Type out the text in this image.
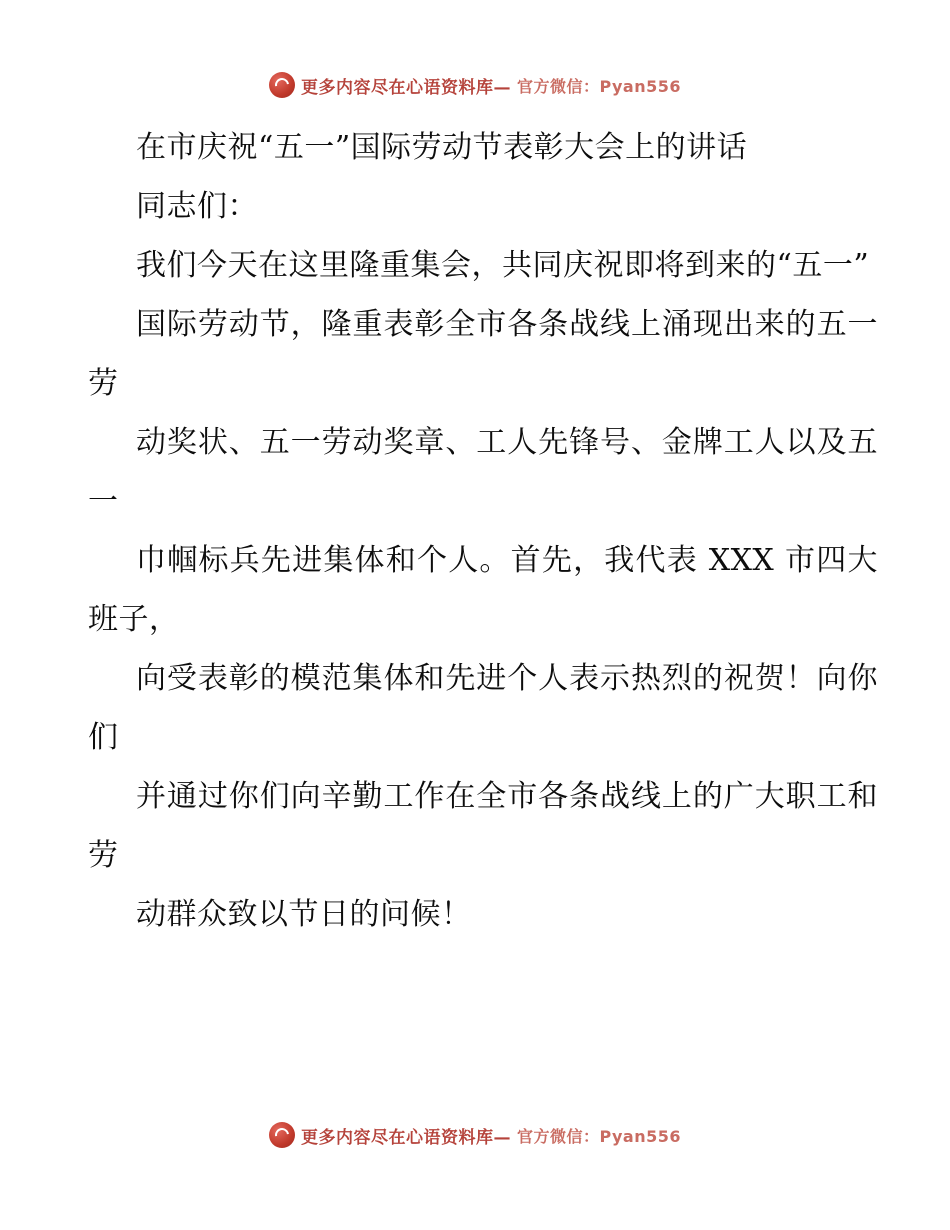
更多内容尽在心语资料库— 官方微信：Pyan556

在市庆祝“五一”国际劳动节表彰大会上的讲话

同志们：

我们今天在这里隆重集会，共同庆祝即将到来的“五一”

国际劳动节，隆重表彰全市各条战线上涌现出来的五一劳

动奖状、五一劳动奖章、工人先锋号、金牌工人以及五一

巾帼标兵先进集体和个人。首先，我代表 XXX 市四大班子，

向受表彰的模范集体和先进个人表示热烈的祝贺！向你们

并通过你们向辛勤工作在全市各条战线上的广大职工和劳

动群众致以节日的问候！

更多内容尽在心语资料库— 官方微信：Pyan556
